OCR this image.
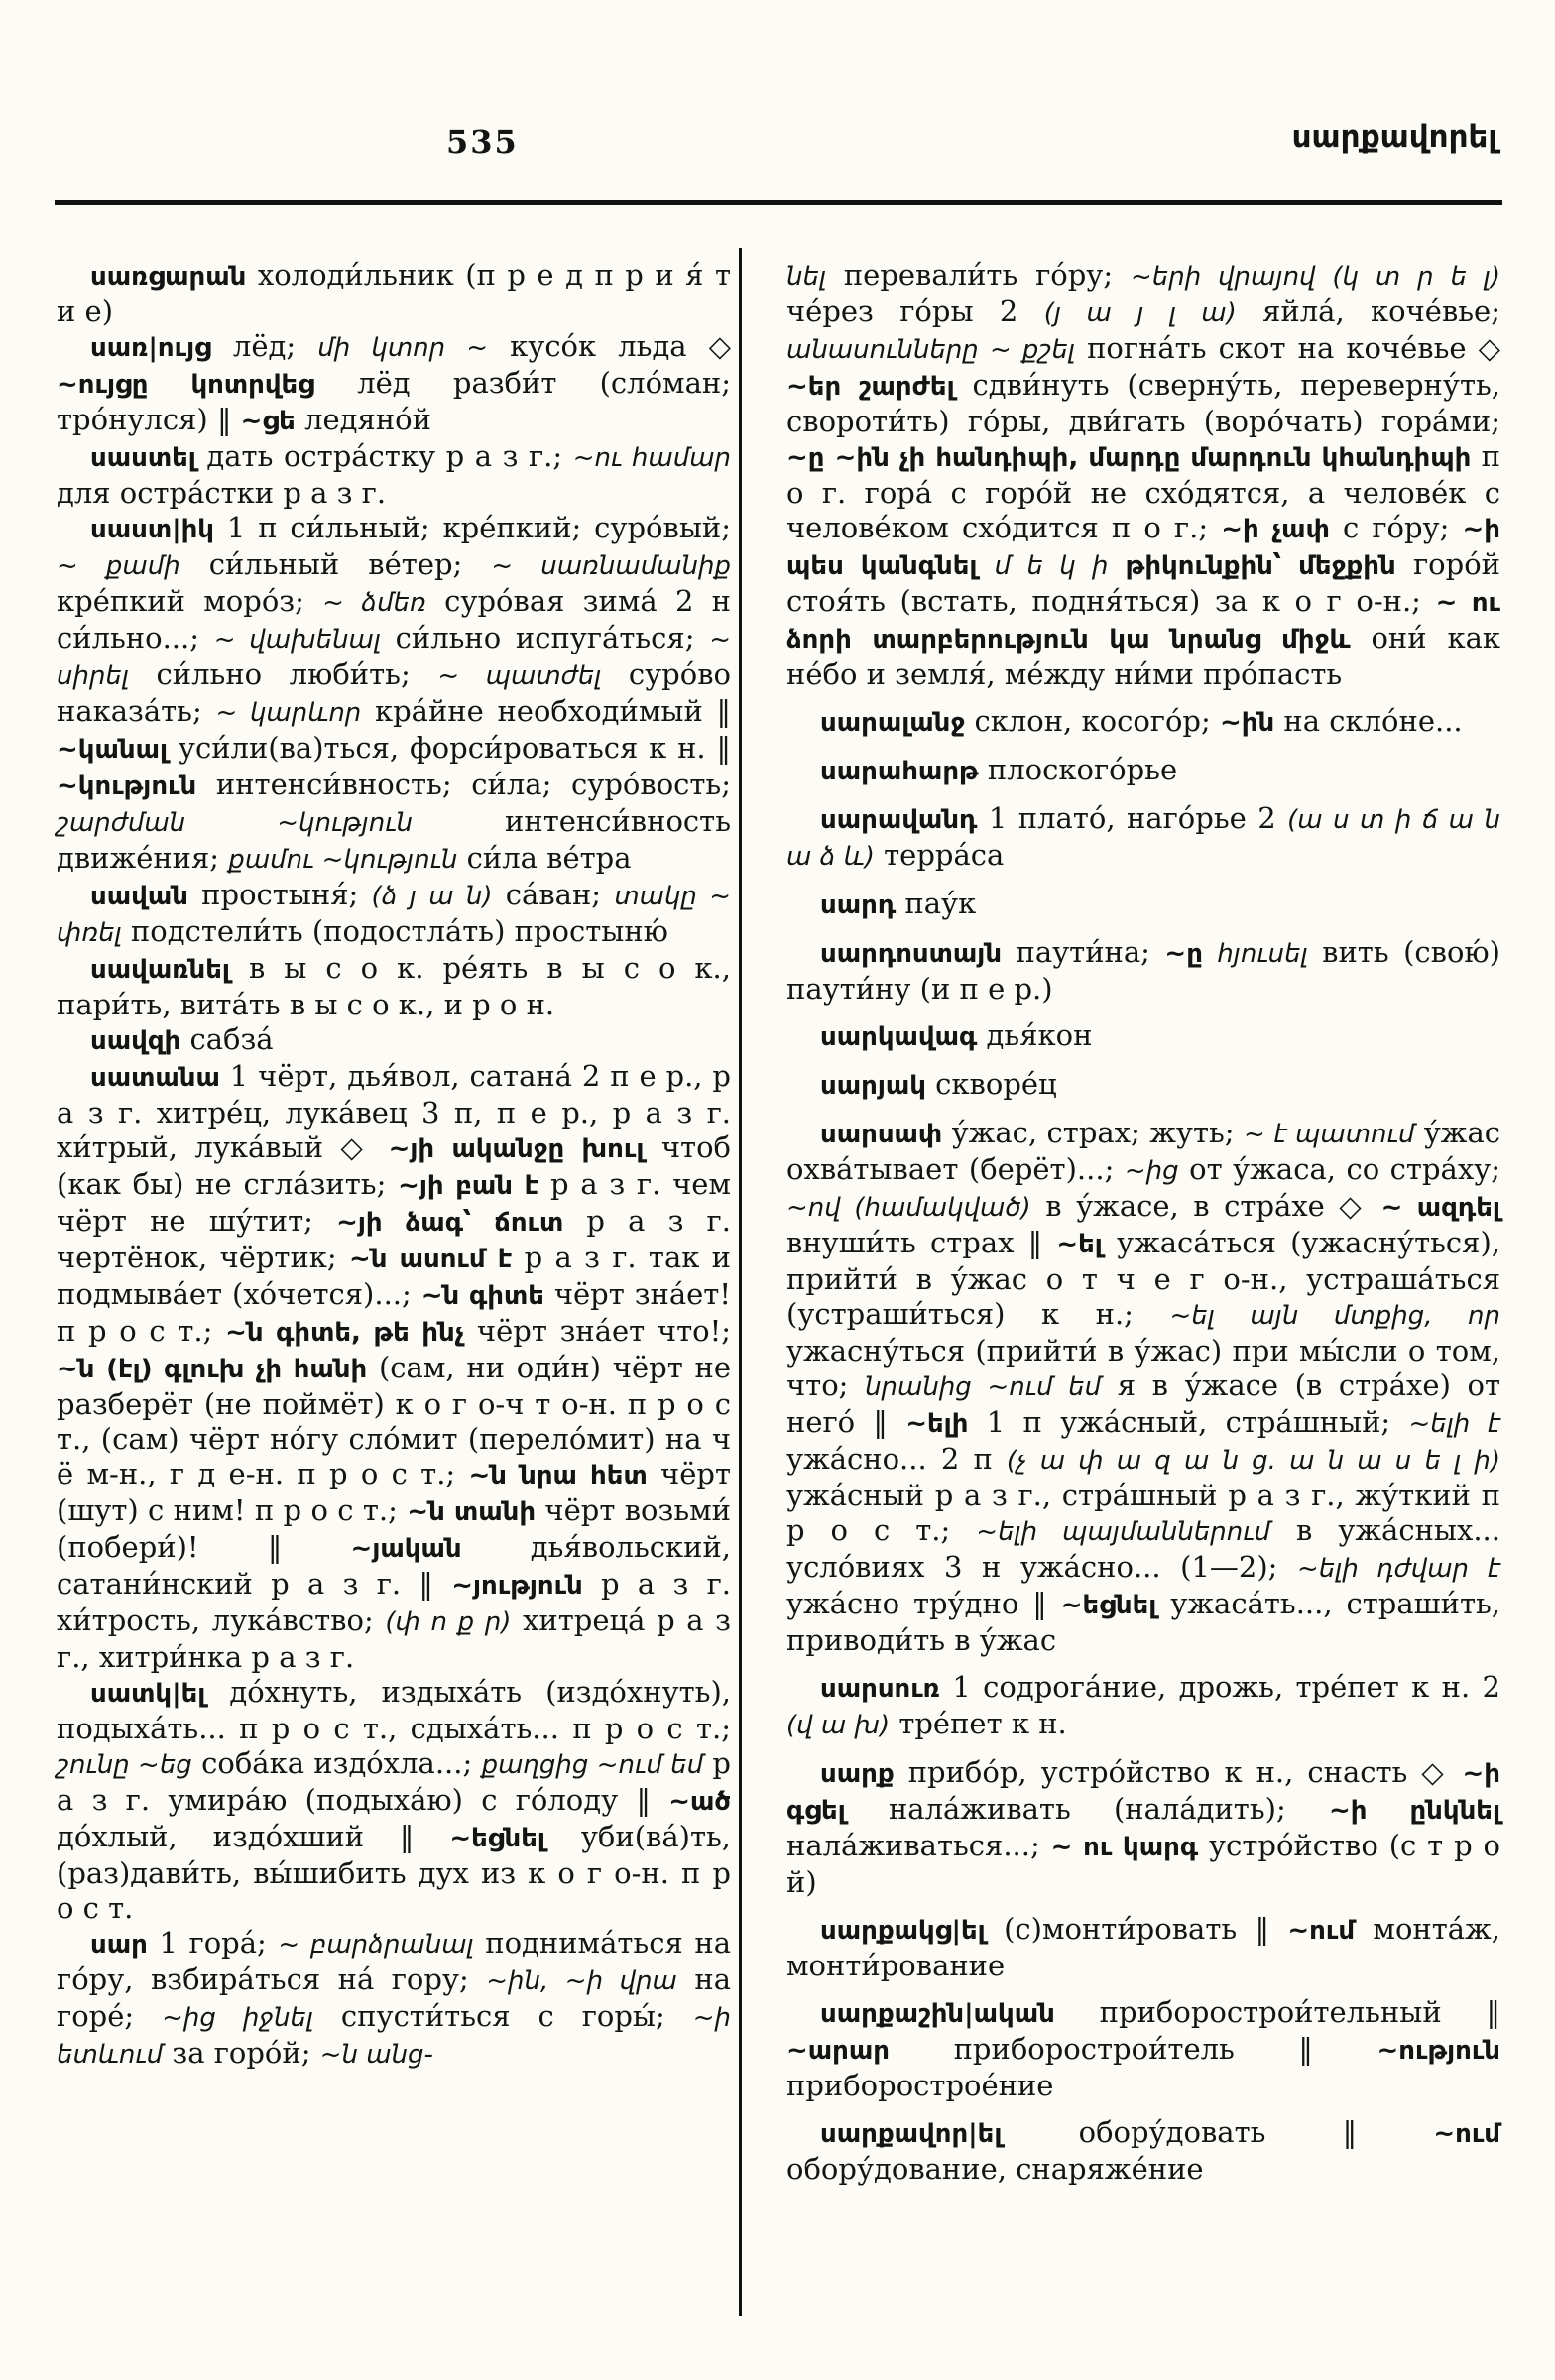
535	սարքավորել

սառցարան холоди́льник (п р е д п р и я́ т и е)

սառ|ույց лёд; մի կտոր ~ кусо́к льда ◇ ~ույցը կոտրվեց лёд разби́т (сло́ман; тро́нулся) ‖ ~ցե ледяно́й

սաստել дать остра́стку р а з г.; ~ու համար для остра́стки р а з г.

սաստ|իկ 1 п си́льный; кре́пкий; суро́вый; ~ քամի си́льный ве́тер; ~ սառնամանիք кре́пкий моро́з; ~ ձմեռ суро́вая зима́ 2 н си́льно...; ~ վախենալ си́льно испуга́ться; ~ սիրել си́льно люби́ть; ~ պատժել суро́во наказа́ть; ~ կարևոր кра́йне необходи́мый ‖ ~կանալ уси́ли(ва)ться, форси́роваться к н. ‖ ~կություն интенси́вность; си́ла; суро́вость; շարժման ~կություն интенси́вность движе́ния; քամու ~կություն си́ла ве́тра

սավան простыня́; (ձ յ ա ն) са́ван; տակը ~ փռել подстели́ть (подостла́ть) простыню́

սավառնել в ы с о к. ре́ять в ы с о к., пари́ть, вита́ть в ы с о к., и р о н.

սավզի сабза́

սատանա 1 чёрт, дья́вол, сатана́ 2 п е р., р а з г. хитре́ц, лука́вец 3 п, п е р., р а з г. хи́трый, лука́вый ◇ ~յի ականջը խուլ чтоб (как бы) не сгла́зить; ~յի բան է р а з г. чем чёрт не шу́тит; ~յի ձագ՝ ճուտ р а з г. чертёнок, чёртик; ~ն ասում է р а з г. так и подмыва́ет (хо́чется)...; ~ն գիտե чёрт зна́ет! п р о с т.; ~ն գիտե, թե ինչ чёрт зна́ет что!; ~ն (էլ) գլուխ չի հանի (сам, ни оди́н) чёрт не разберёт (не поймёт) к о г о-ч т о-н. п р о с т., (сам) чёрт но́гу сло́мит (перело́мит) на ч ё м-н., г д е-н. п р о с т.; ~ն նրա հետ чёрт (шут) с ним! п р о с т.; ~ն տանի чёрт возьми́ (побери́)! ‖ ~յական дья́вольский, сатани́нский р а з г. ‖ ~յություն р а з г. хи́трость, лука́вство; (փ ո ք ր) хитреца́ р а з г., хитри́нка р а з г.

սատկ|ել до́хнуть, издыха́ть (издо́хнуть), подыха́ть... п р о с т., сдыха́ть... п р о с т.; շունը ~եց соба́ка издо́хла...; քաղցից ~ում եմ р а з г. умира́ю (подыха́ю) с го́лоду ‖ ~ած до́хлый, издо́хший ‖ ~եցնել уби(ва́)ть, (раз)дави́ть, вы́шибить дух из к о г о-н. п р о с т.

սար 1 гора́; ~ բարձրանալ поднима́ться на го́ру, взбира́ться на́ гору; ~ին, ~ի վրա на горе́; ~ից իջնել спусти́ться с горы́; ~ի ետևում за горо́й; ~ն անց-

նել перевали́ть го́ру; ~երի վրայով (կ տ ր ե լ) че́рез го́ры 2 (յ ա յ լ ա) яйла́, коче́вье; անասունները ~ քշել погна́ть скот на коче́вье ◇ ~եր շարժել сдви́нуть (сверну́ть, переверну́ть, свороти́ть) го́ры, дви́гать (воро́чать) гора́ми; ~ը ~ին չի հանդիպի, մարդը մարդուն կհանդիպի п о г. гора́ с горо́й не схо́дятся, а челове́к с челове́ком схо́дится п о г.; ~ի չափ с го́ру; ~ի պես կանգնել մ ե կ ի թիկունքին՝ մեջքին горо́й стоя́ть (встать, подня́ться) за к о г о-н.; ~ ու ձորի տարբերություն կա նրանց միջև они́ как не́бо и земля́, ме́жду ни́ми про́пасть

սարալանջ склон, косого́р; ~ին на скло́не...

սարահարթ плоского́рье

սարավանդ 1 плато́, наго́рье 2 (ա ս տ ի ճ ա ն ա ձ և) терра́са

սարդ пау́к

սարդոստայն паути́на; ~ը հյուսել вить (свою́) паути́ну (и п е р.)

սարկավագ дья́кон

սարյակ скворе́ц

սարսափ у́жас, страх; жуть; ~ է պատում у́жас охва́тывает (берёт)...; ~ից от у́жаса, со стра́ху; ~ով (համակված) в у́жасе, в стра́хе ◇ ~ ազդել внуши́ть страх ‖ ~ել ужаса́ться (ужасну́ться), прийти́ в у́жас о т ч е г о-н., устраша́ться (устраши́ться) к н.; ~ել այն մտքից, որ ужасну́ться (прийти́ в у́жас) при мы́сли о том, что; նրանից ~ում եմ я в у́жасе (в стра́хе) от него́ ‖ ~ելի 1 п ужа́сный, стра́шный; ~ելի է ужа́сно... 2 п (չ ա փ ա զ ա ն ց. ա ն ա ս ե լ ի) ужа́сный р а з г., стра́шный р а з г., жу́ткий п р о с т.; ~ելի պայմաններում в ужа́сных... усло́виях 3 н ужа́сно... (1—2); ~ելի դժվար է ужа́сно тру́дно ‖ ~եցնել ужаса́ть..., страши́ть, приводи́ть в у́жас

սարսուռ 1 содрога́ние, дрожь, тре́пет к н. 2 (վ ա խ) тре́пет к н.

սարք прибо́р, устро́йство к н., снасть ◇ ~ի գցել нала́живать (нала́дить); ~ի ընկնել нала́живаться...; ~ ու կարգ устро́йство (с т р о й)

սարքակց|ել (с)монти́ровать ‖ ~ում монта́ж, монти́рование

սարքաշին|ական приборострои́тельный ‖ ~արար приборострои́тель ‖ ~ություն приборострое́ние

սարքավոր|ել обору́довать ‖ ~ում обору́дование, снаряже́ние
